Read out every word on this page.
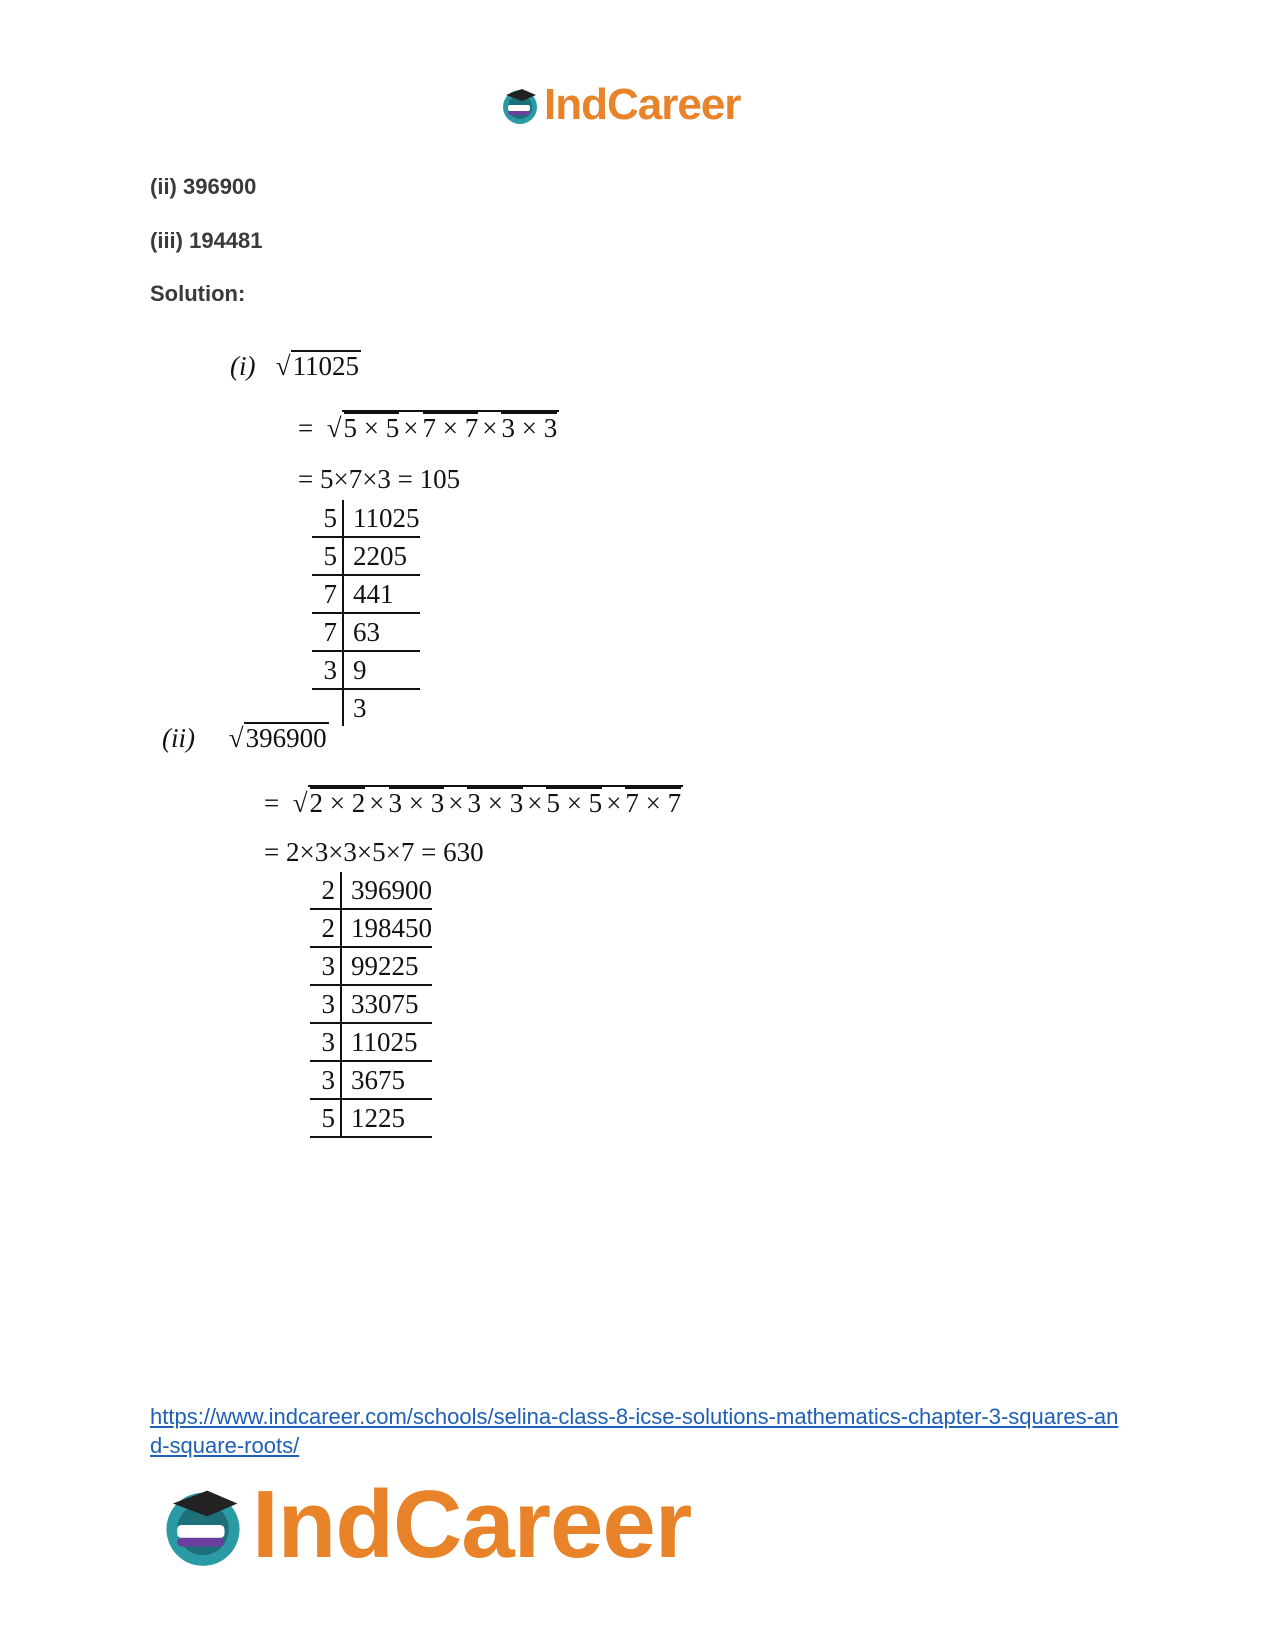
IndCareer
(ii) 396900
(iii) 194481
Solution:
(i)   √11025
=  √5 × 5 × 7 × 7 × 3 × 3
= 5×7×3 = 105
5 11025
5 2205
7 441
7 63
3 9
3
(ii)     √396900
=  √2 × 2 × 3 × 3 × 3 × 3 × 5 × 5 × 7 × 7
= 2×3×3×5×7 = 630
2 396900
2 198450
3 99225
3 33075
3 11025
3 3675
5 1225
https://www.indcareer.com/schools/selina-class-8-icse-solutions-mathematics-chapter-3-squares-and-square-roots/
IndCareer
